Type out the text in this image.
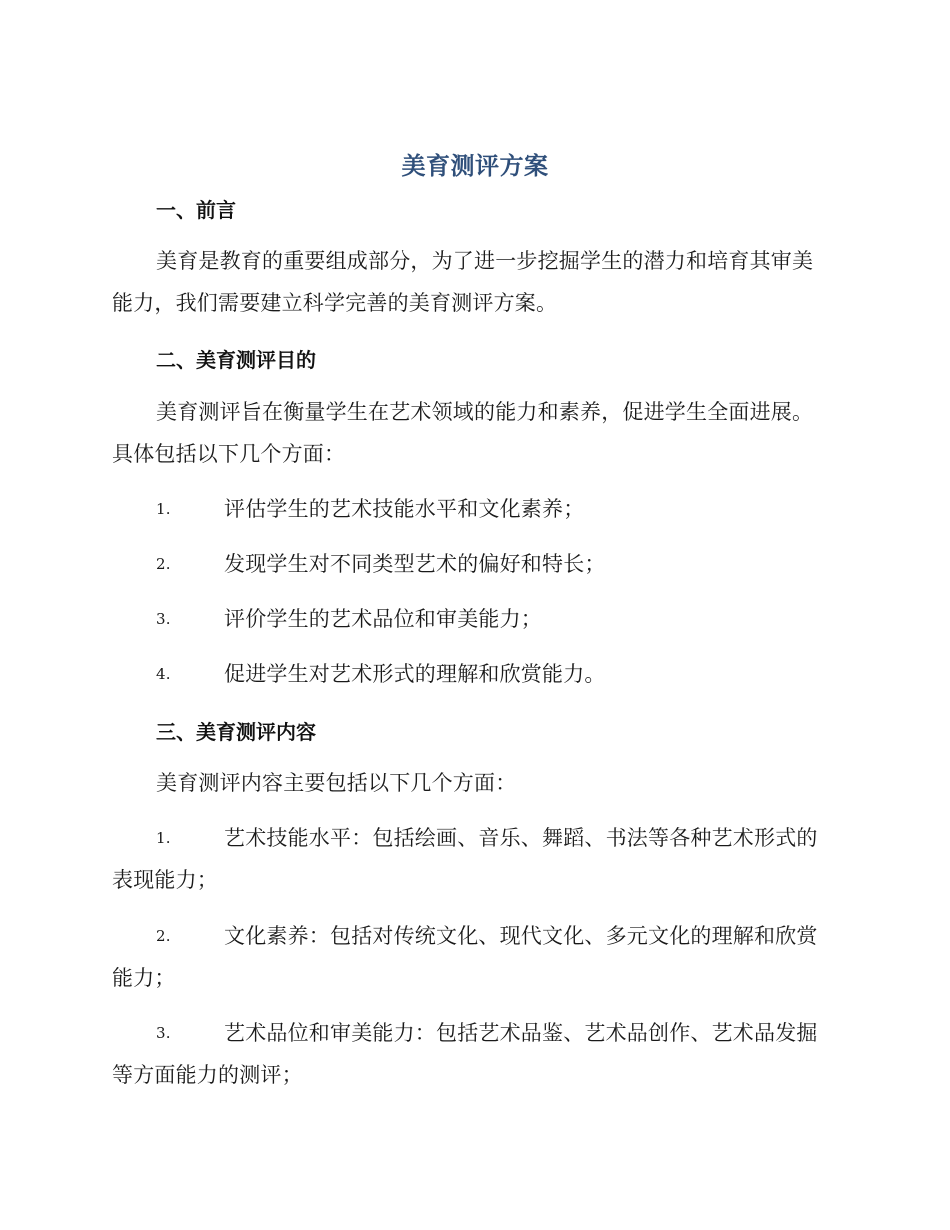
美育测评方案
一、前言
美育是教育的重要组成部分，为了进一步挖掘学生的潜力和培育其审美能力，我们需要建立科学完善的美育测评方案。
二、美育测评目的
美育测评旨在衡量学生在艺术领域的能力和素养，促进学生全面进展。具体包括以下几个方面：
1.	评估学生的艺术技能水平和文化素养；
2.	发现学生对不同类型艺术的偏好和特长；
3.	评价学生的艺术品位和审美能力；
4.	促进学生对艺术形式的理解和欣赏能力。
三、美育测评内容
美育测评内容主要包括以下几个方面：
1.	艺术技能水平：包括绘画、音乐、舞蹈、书法等各种艺术形式的表现能力；
2.	文化素养：包括对传统文化、现代文化、多元文化的理解和欣赏能力；
3.	艺术品位和审美能力：包括艺术品鉴、艺术品创作、艺术品发掘等方面能力的测评；
